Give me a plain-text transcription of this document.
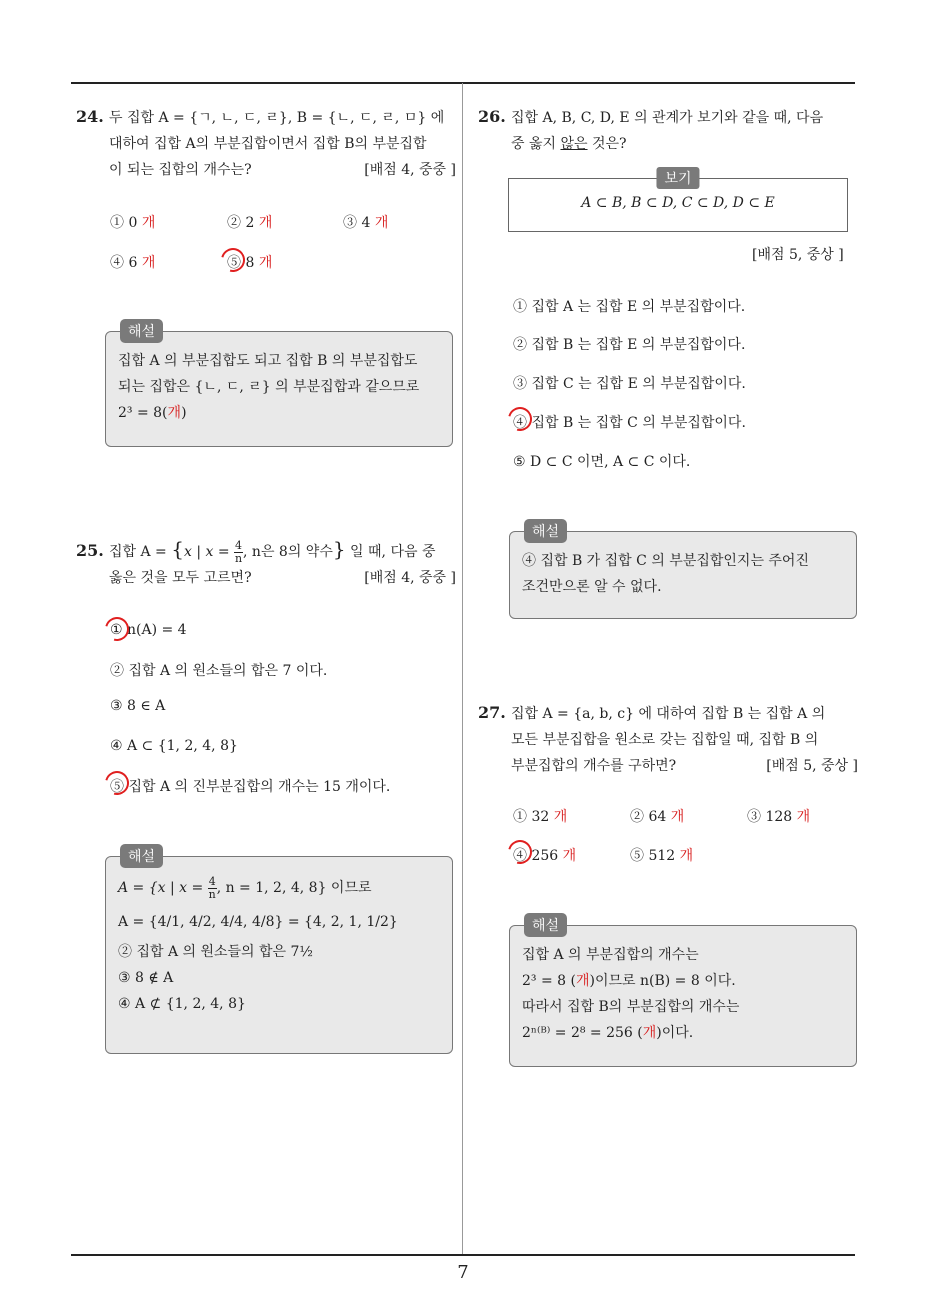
7
24. 두 집합 A = {ㄱ, ㄴ, ㄷ, ㄹ}, B = {ㄴ, ㄷ, ㄹ, ㅁ} 에
대하여 집합 A의 부분집합이면서 집합 B의 부분집합
이 되는 집합의 개수는?	[배점 4, 중중 ]
① 0 개	② 2 개	③ 4 개
④ 6 개	⑤ 8 개
해설
집합 A 의 부분집합도 되고 집합 B 의 부분집합도
되는 집합은 {ㄴ, ㄷ, ㄹ} 의 부분집합과 같으므로
2³ = 8(개)
25. 집합 A = {x | $x = \frac{4}{n}$ , n은 8의 약수} 일 때, 다음 중
옳은 것을 모두 고르면?	[배점 4, 중중 ]
① n(A) = 4
② 집합 A 의 원소들의 합은 7 이다.
③ 8 ∈ A
④ A ⊂ {1, 2, 4, 8}
⑤ 집합 A 의 진부분집합의 개수는 15 개이다.
해설
A = {x | $x = \frac{4}{n}$ , n = 1, 2, 4, 8} 이므로
A = {4/1, 4/2, 4/4, 4/8} = {4, 2, 1, 1/2}
② 집합 A 의 원소들의 합은 7½
③ 8 ∉ A
④ A ⊄ {1, 2, 4, 8}
26. 집합 A, B, C, D, E 의 관계가 보기와 같을 때, 다음
중 옳지 않은 것은?
보기
A ⊂ B, B ⊂ D, C ⊂ D, D ⊂ E
[배점 5, 중상 ]
① 집합 A 는 집합 E 의 부분집합이다.
② 집합 B 는 집합 E 의 부분집합이다.
③ 집합 C 는 집합 E 의 부분집합이다.
④ 집합 B 는 집합 C 의 부분집합이다.
⑤ D ⊂ C 이면, A ⊂ C 이다.
해설
④ 집합 B 가 집합 C 의 부분집합인지는 주어진
조건만으론 알 수 없다.
27. 집합 A = {a, b, c} 에 대하여 집합 B 는 집합 A 의
모든 부분집합을 원소로 갖는 집합일 때, 집합 B 의
부분집합의 개수를 구하면?	[배점 5, 중상 ]
① 32 개	② 64 개	③ 128 개
④ 256 개	⑤ 512 개
해설
집합 A 의 부분집합의 개수는
2³ = 8 (개)이므로 n(B) = 8 이다.
따라서 집합 B의 부분집합의 개수는
2ⁿ⁽ᴮ⁾ = 2⁸ = 256 (개)이다.
